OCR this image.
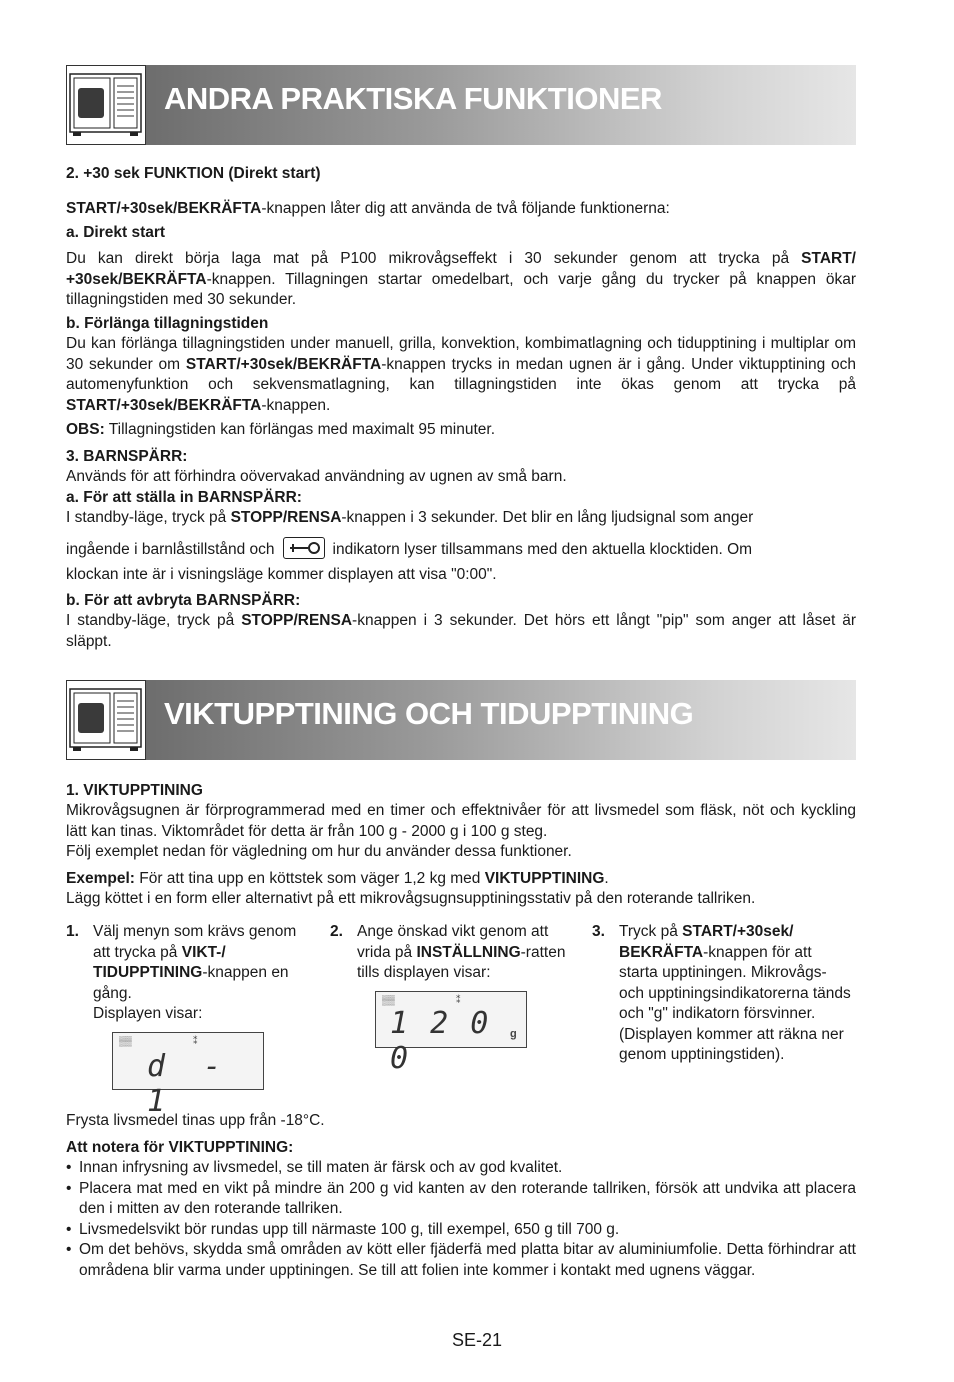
ANDRA PRAKTISKA FUNKTIONER

2. +30 sek FUNKTION (Direkt start)

START/+30sek/BEKRÄFTA-knappen låter dig att använda de två följande funktionerna:

a. Direkt start

Du kan direkt börja laga mat på P100 mikrovågseffekt i 30 sekunder genom att trycka på START/ +30sek/BEKRÄFTA-knappen. Tillagningen startar omedelbart, och varje gång du trycker på knappen ökar tillagningstiden med 30 sekunder.

b. Förlänga tillagningstiden

Du kan förlänga tillagningstiden under manuell, grilla, konvektion, kombimatlagning och tidupptining i multiplar om 30 sekunder om START/+30sek/BEKRÄFTA-knappen trycks in medan ugnen är i gång. Under viktupptining och automenyfunktion och sekvensmatlagning, kan tillagningstiden inte ökas genom att trycka på START/+30sek/BEKRÄFTA-knappen.

OBS: Tillagningstiden kan förlängas med maximalt 95 minuter.

3. BARNSPÄRR:

Används för att förhindra oövervakad användning av ugnen av små barn.

a. För att ställa in BARNSPÄRR:

I standby-läge, tryck på STOPP/RENSA-knappen i 3 sekunder. Det blir en lång ljudsignal som anger

ingående i barnlåstillstånd och	indikatorn lyser tillsammans med den aktuella klocktiden. Om

klockan inte är i visningsläge kommer displayen att visa "0:00".

b. För att avbryta BARNSPÄRR:

I standby-läge, tryck på STOPP/RENSA-knappen i 3 sekunder. Det hörs ett långt "pip" som anger att låset är släppt.

VIKTUPPTINING OCH TIDUPPTINING

1. VIKTUPPTINING

Mikrovågsugnen är förprogrammerad med en timer och effektnivåer för att livsmedel som fläsk, nöt och kyckling lätt kan tinas. Viktområdet för detta är från 100 g - 2000 g i 100 g steg.

Följ exemplet nedan för vägledning om hur du använder dessa funktioner.

Exempel: För att tina upp en köttstek som väger 1,2 kg med VIKTUPPTINING.

Lägg köttet i en form eller alternativt på ett mikrovågsugnsupptiningsstativ på den roterande tallriken.

1. Välj menyn som krävs genom att trycka på VIKT-/ TIDUPPTINING-knappen en gång.
Displayen visar:
▒▒	⁑
d - 1
2. Ange önskad vikt genom att vrida på INSTÄLLNING-ratten tills displayen visar:
▒▒	⁑
1 2 0 0
g
3. Tryck på START/+30sek/ BEKRÄFTA-knappen för att starta upptiningen. Mikrovågs- och upptiningsindikatorerna tänds och "g" indikatorn försvinner. (Displayen kommer att räkna ner genom upptiningstiden).

Frysta livsmedel tinas upp från -18°C.

Att notera för VIKTUPPTINING:

• Innan infrysning av livsmedel, se till maten är färsk och av god kvalitet.
• Placera mat med en vikt på mindre än 200 g vid kanten av den roterande tallriken, försök att undvika att placera den i mitten av den roterande tallriken.
• Livsmedelsvikt bör rundas upp till närmaste 100 g, till exempel, 650 g till 700 g.
• Om det behövs, skydda små områden av kött eller fjäderfä med platta bitar av aluminiumfolie. Detta förhindrar att områdena blir varma under upptiningen. Se till att folien inte kommer i kontakt med ugnens väggar.
SE-21
